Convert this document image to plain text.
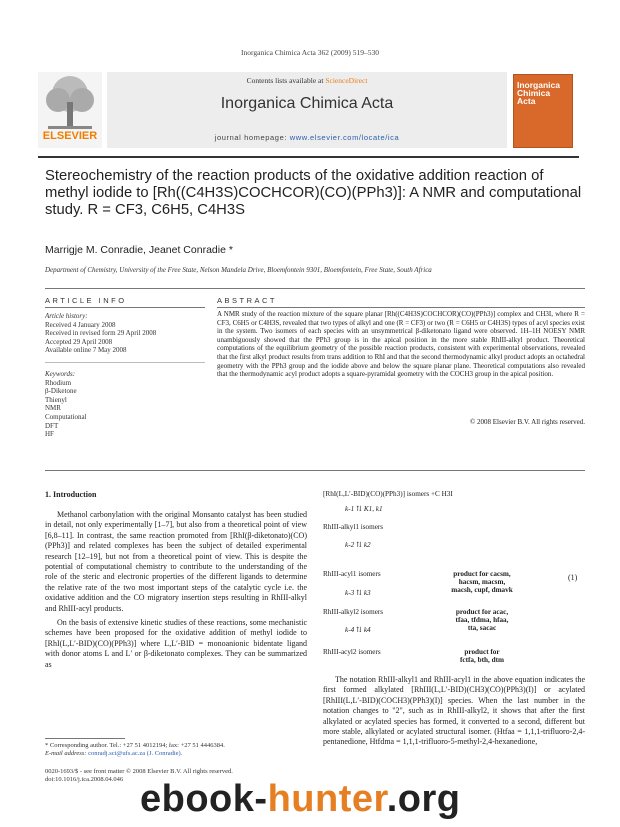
Inorganica Chimica Acta 362 (2009) 519–530
ELSEVIER
Contents lists available at ScienceDirect
Inorganica Chimica Acta
journal homepage: www.elsevier.com/locate/ica
Inorganica
Chimica Acta
Stereochemistry of the reaction products of the oxidative addition reaction of
methyl iodide to [Rh((C4H3S)COCHCOR)(CO)(PPh3)]: A NMR and computational
study. R = CF3, C6H5, C4H3S
Marrigje M. Conradie, Jeanet Conradie *
Department of Chemistry, University of the Free State, Nelson Mandela Drive, Bloemfontein 9301, Bloemfontein, Free State, South Africa
ARTICLE INFO	ABSTRACT
Article history:
Received 4 January 2008
Received in revised form 29 April 2008
Accepted 29 April 2008
Available online 7 May 2008
Keywords:
Rhodium
β-Diketone
Thienyl
NMR
Computational
DFT
HF
A NMR study of the reaction mixture of the square planar [Rh((C4H3S)COCHCOR)(CO)(PPh3)] complex and CH3I, where R = CF3, C6H5 or C4H3S, revealed that two types of alkyl and one (R = CF3) or two (R = C6H5 or C4H3S) types of acyl species exist in the system. Two isomers of each species with an unsymmetrical β-diketonato ligand were observed. 1H–1H NOESY NMR unambiguously showed that the PPh3 group is in the apical position in the more stable RhIII-alkyl product. Theoretical computations of the equilibrium geometry of the possible reaction products, consistent with experimental observations, revealed that the first alkyl product results from trans addition to RhI and that the second thermodynamic alkyl product adopts an octahedral geometry with the PPh3 group and the iodide above and below the square planar plane. Theoretical computations also revealed that the thermodynamic acyl product adopts a square-pyramidal geometry with the COCH3 group in the apical position.
© 2008 Elsevier B.V. All rights reserved.
1. Introduction
Methanol carbonylation with the original Monsanto catalyst has been studied in detail, not only experimentally [1–7], but also from a theoretical point of view [6,8–11]. In contrast, the same reaction promoted from [RhI(β-diketonato)(CO)(PPh3)] and related complexes has been the subject of detailed experimental research [12–19], but not from a theoretical point of view. This is despite the potential of computational chemistry to contribute to the understanding of the role of the steric and electronic properties of the different ligands to determine the relative rate of the two most important steps of the catalytic cycle i.e. the oxidative addition and the CO migratory insertion steps resulting in RhIII-alkyl and RhIII-acyl products.
On the basis of extensive kinetic studies of these reactions, some mechanistic schemes have been proposed for the oxidative addition of methyl iodide to [RhI(L,L′-BID)(CO)(PPh3)] where L,L′-BID = monoanionic bidentate ligand with donor atoms L and L′ or β-diketonato complexes. They can be summarized as
[RhI(L,L′-BID)(CO)(PPh3)] isomers +C H3I
k-1 ⇅ K1, k1
RhIII-alkyl1 isomers
k-2 ⇅ k2
RhIII-acyl1 isomers	product for cacsm,
hacsm, macsm,
macsh, cupf, dmavk
k-3 ⇅ k3
RhIII-alkyl2 isomers	product for acac,
tfaa, tfdma, hfaa,
tta, sacac
k-4 ⇅ k4
RhIII-acyl2 isomers	product for
fctfa, bth, dtm
(1)
The notation RhIII-alkyl1 and RhIII-acyl1 in the above equation indicates the first formed alkylated [RhIII(L,L′-BID)(CH3)(CO)(PPh3)(I)] or acylated [RhIII(L,L′-BID)(COCH3)(PPh3)(I)] species. When the last number in the notation changes to "2", such as in RhIII-alkyl2, it shows that after the first alkylated or acylated species has formed, it converted to a second, different but more stable, alkylated or acylated structural isomer. (Htfaa = 1,1,1-trifluoro-2,4-pentanedione, Htfdma = 1,1,1-trifluoro-5-methyl-2,4-hexanedione,
* Corresponding author. Tel.: +27 51 4012194; fax: +27 51 4446384.
E-mail address: conradj.sci@ufs.ac.za (J. Conradie).
0020-1693/$ - see front matter © 2008 Elsevier B.V. All rights reserved.
doi:10.1016/j.ica.2008.04.046 ebook-hunter.org
